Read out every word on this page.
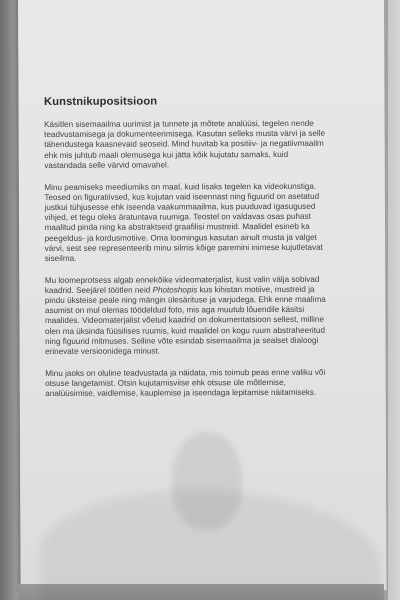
Kunstnikupositsioon

Käsitlen sisemaailma uurimist ja tunnete ja mõtete analüüsi, tegelen nende
teadvustamisega ja dokumenteerimisega. Kasutan selleks musta värvi ja selle
tähendustega kaasnevaid seoseid. Mind huvitab ka positiiv- ja negatiivmaailm
ehk mis juhtub maali olemusega kui jätta kõik kujutatu samaks, kuid
vastandada selle värvid omavahel.

Minu peamiseks meediumiks on maal, kuid lisaks tegelen ka videokunstiga.
Teosed on figuratiivsed, kus kujutan vaid iseennast ning figuurid on asetatud
justkui tühjusesse ehk iseenda vaakummaailma, kus puuduvad igasugused
vihjed, et tegu oleks äratuntava ruumiga. Teostel on valdavas osas puhast
maalitud pinda ning ka abstraktseid graafilisi mustreid. Maalidel esineb ka
peegeldus- ja kordusmotiive. Oma loomingus kasutan ainult musta ja valget
värvi, sest see representeerib minu silmis kõige paremini inimese kujutletavat
siseilma.

Mu loomeprotsess algab ennekõike videomaterjalist, kust valin välja sobivad
kaadrid. Seejärel töötlen neid Photoshopis kus kihistan motiive, mustreid ja
pindu üksteise peale ning mängin ülesärituse ja varjudega. Ehk enne maalima
asumist on mul olemas töödeldud foto, mis aga muutub lõuendile käsitsi
maalides. Videomaterjalist võetud kaadrid on dokumentatsioon sellest, milline
olen ma üksinda füüsilises ruumis, kuid maalidel on kogu ruum abstraheeritud
ning figuurid mitmuses. Selline võte esindab sisemaailma ja sealset dialoogi
erinevate versioonidega minust.

Minu jaoks on oluline teadvustada ja näidata, mis toimub peas enne valiku või
otsuse langetamist. Otsin kujutamisviise ehk otsuse üle mõtlemise,
analüüsimise, vaidlemise, kauplemise ja iseendaga lepitamise näitamiseks.
